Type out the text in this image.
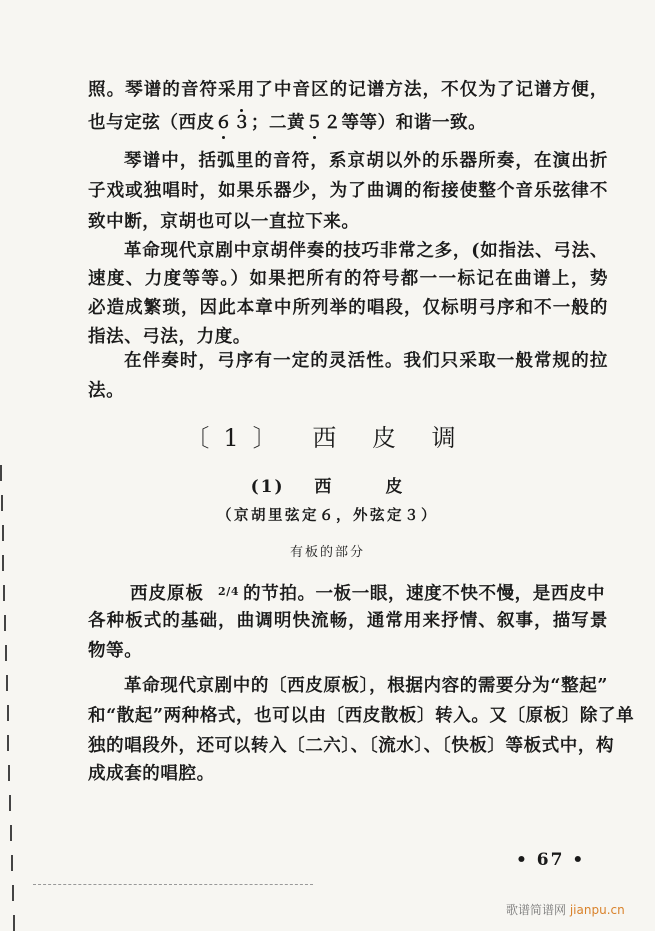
照。琴谱的音符采用了中音区的记谱方法，不仅为了记谱方便，
也与定弦（西皮６３；二黄５２等等）和谐一致。
琴谱中，括弧里的音符，系京胡以外的乐器所奏，在演出折
子戏或独唱时，如果乐器少，为了曲调的衔接使整个音乐弦律不
致中断，京胡也可以一直拉下来。
革命现代京剧中京胡伴奏的技巧非常之多，(如指法、弓法、
速度、力度等等。）如果把所有的符号都一一标记在曲谱上，势
必造成繁琐，因此本章中所列举的唱段，仅标明弓序和不一般的
指法、弓法，力度。
在伴奏时，弓序有一定的灵活性。我们只采取一般常规的拉
法。
〔1〕 西 皮 调
(1) 西	皮
（京胡里弦定６，外弦定３）
有板的部分
西皮原板 $^{2/4}$ 的节拍。一板一眼，速度不快不慢，是西皮中
各种板式的基础，曲调明快流畅，通常用来抒情、叙事，描写景
物等。
革命现代京剧中的〔西皮原板〕，根据内容的需要分为“整起”
和“散起”两种格式，也可以由〔西皮散板〕转入。又〔原板〕除了单
独的唱段外，还可以转入〔二六〕、〔流水〕、〔快板〕等板式中，构
成成套的唱腔。
• 67 •
歌谱简谱网 jianpu.cn
